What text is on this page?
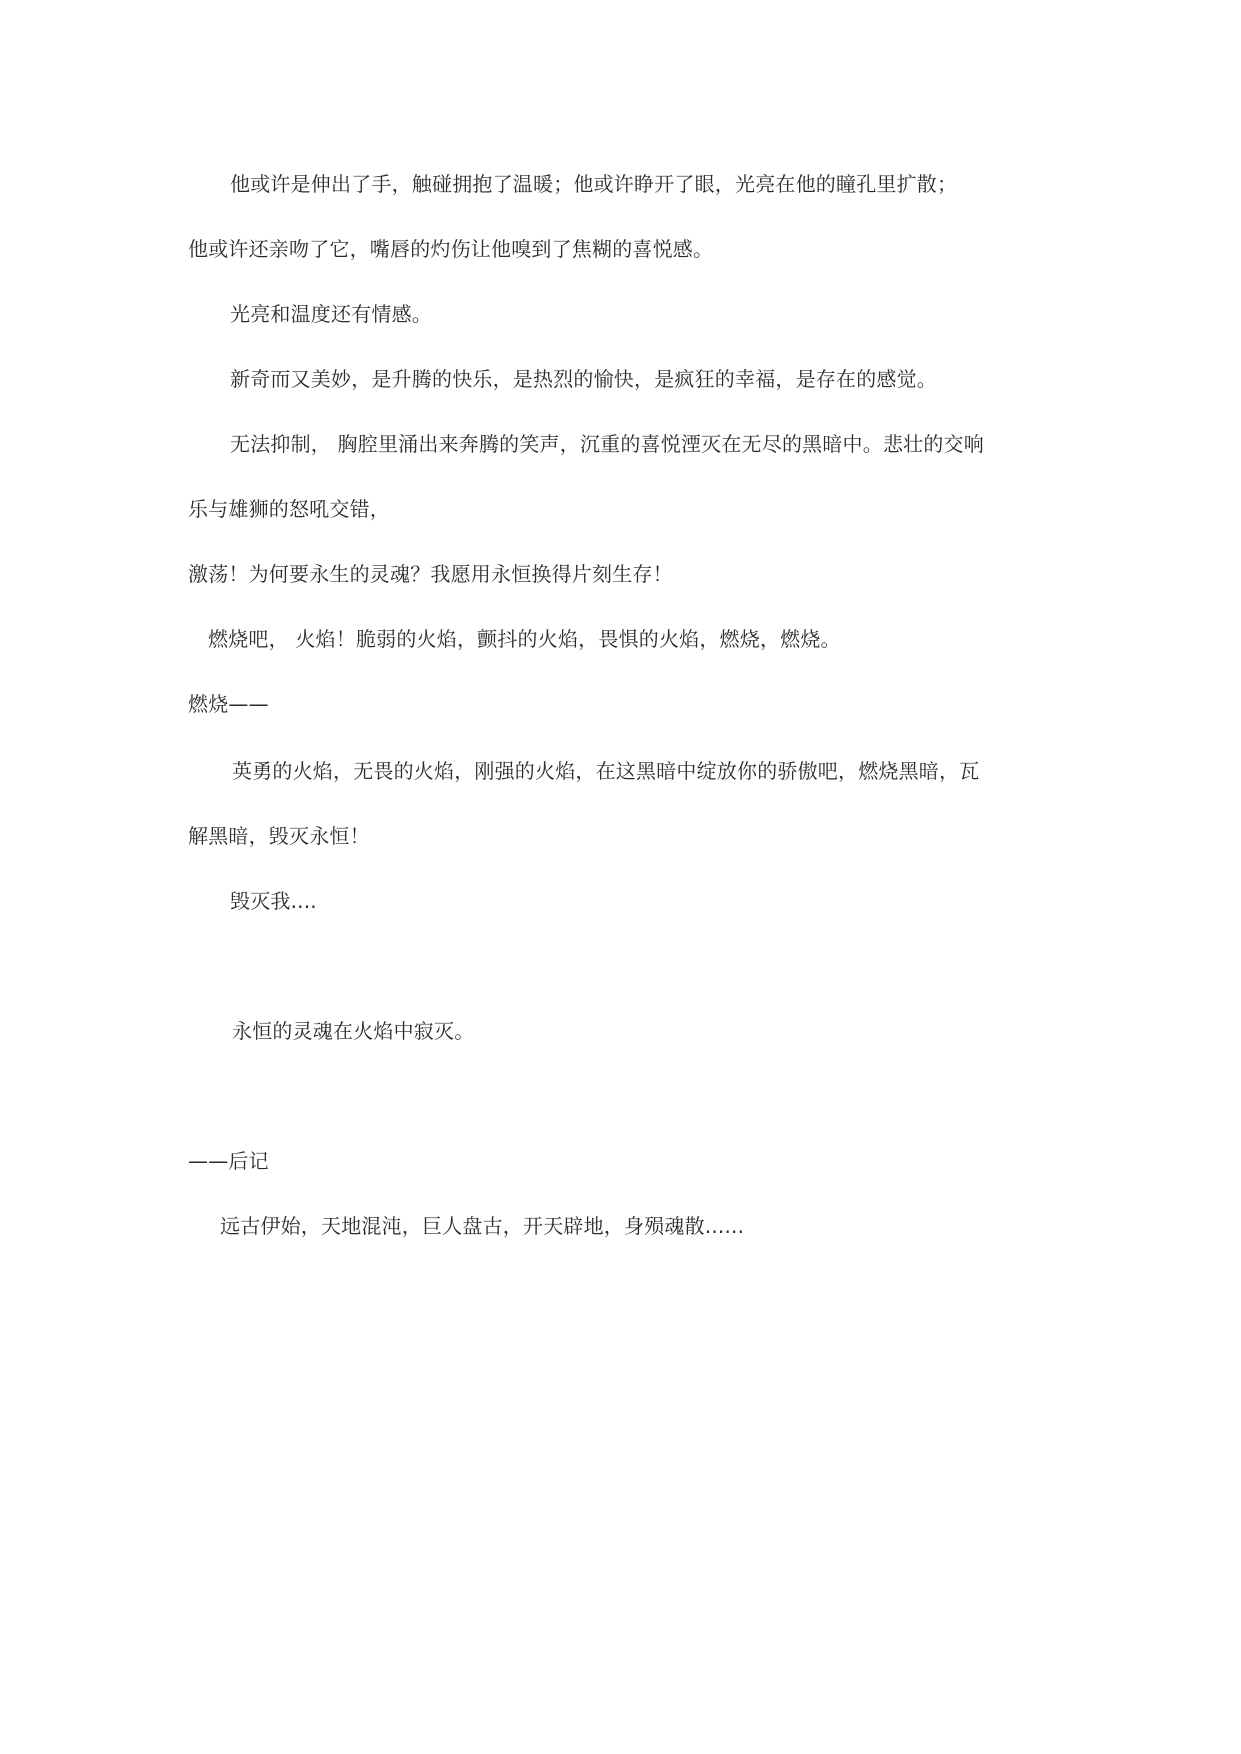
他或许是伸出了手，触碰拥抱了温暖；他或许睁开了眼，光亮在他的瞳孔里扩散；
他或许还亲吻了它，嘴唇的灼伤让他嗅到了焦糊的喜悦感。
光亮和温度还有情感。
新奇而又美妙，是升腾的快乐，是热烈的愉快，是疯狂的幸福，是存在的感觉。
无法抑制， 胸腔里涌出来奔腾的笑声，沉重的喜悦湮灭在无尽的黑暗中。悲壮的交响
乐与雄狮的怒吼交错，
激荡！为何要永生的灵魂？我愿用永恒换得片刻生存！
燃烧吧， 火焰！脆弱的火焰，颤抖的火焰，畏惧的火焰，燃烧，燃烧。
燃烧——
英勇的火焰，无畏的火焰，刚强的火焰，在这黑暗中绽放你的骄傲吧，燃烧黑暗，瓦
解黑暗，毁灭永恒！
毁灭我....
永恒的灵魂在火焰中寂灭。
——后记
远古伊始，天地混沌，巨人盘古，开天辟地，身殒魂散......
